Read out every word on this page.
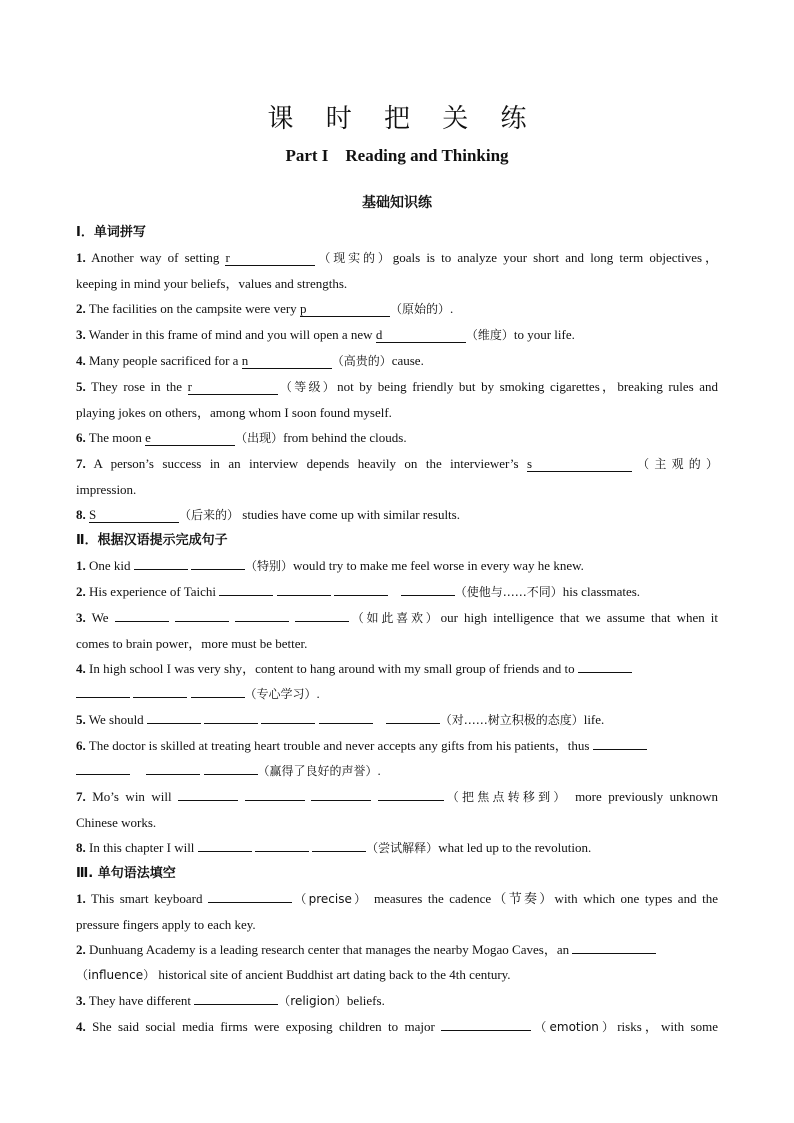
课 时 把 关 练
Part I    Reading and Thinking
基础知识练
Ⅰ．单词拼写

1. Another way of setting r	（现实的）goals is to analyze your short and long term objectives，

keeping in mind your beliefs，values and strengths.

2. The facilities on the campsite were very p	（原始的）.

3. Wander in this frame of mind and you will open a new d	（维度）to your life.

4. Many people sacrificed for a n	（高贵的）cause.

5. They rose in the r	（等级）not by being friendly but by smoking cigarettes，breaking rules and

playing jokes on others，among whom I soon found myself.

6. The moon e	（出现）from behind the clouds.

7. A person’s success in an interview depends heavily on the interviewer’s s	（主观的）

impression.

8. S	（后来的） studies have come up with similar results.

Ⅱ．根据汉语提示完成句子

1. One kid	（特别）would try to make me feel worse in every way he knew.

2. His experience of Taichi	（使他与……不同）his classmates.

3. We	（如此喜欢）our high intelligence that we assume that when it

comes to brain power，more must be better.

4. In high school I was very shy，content to hang around with my small group of friends and to
（专心学习）.

5. We should	（对……树立积极的态度）life.

6. The doctor is skilled at treating heart trouble and never accepts any gifts from his patients，thus
（赢得了良好的声誉）.

7. Mo’s win will	（把焦点转移到） more previously unknown

Chinese works.

8. In this chapter I will	（尝试解释）what led up to the revolution.

Ⅲ. 单句语法填空

1. This smart keyboard	（precise） measures the cadence（节奏）with which one types and the

pressure fingers apply to each key.

2. Dunhuang Academy is a leading research center that manages the nearby Mogao Caves，an
（influence） historical site of ancient Buddhist art dating back to the 4th century.

3. They have different	（religion）beliefs.

4. She said social media firms were exposing children to major	（emotion）risks，with some
